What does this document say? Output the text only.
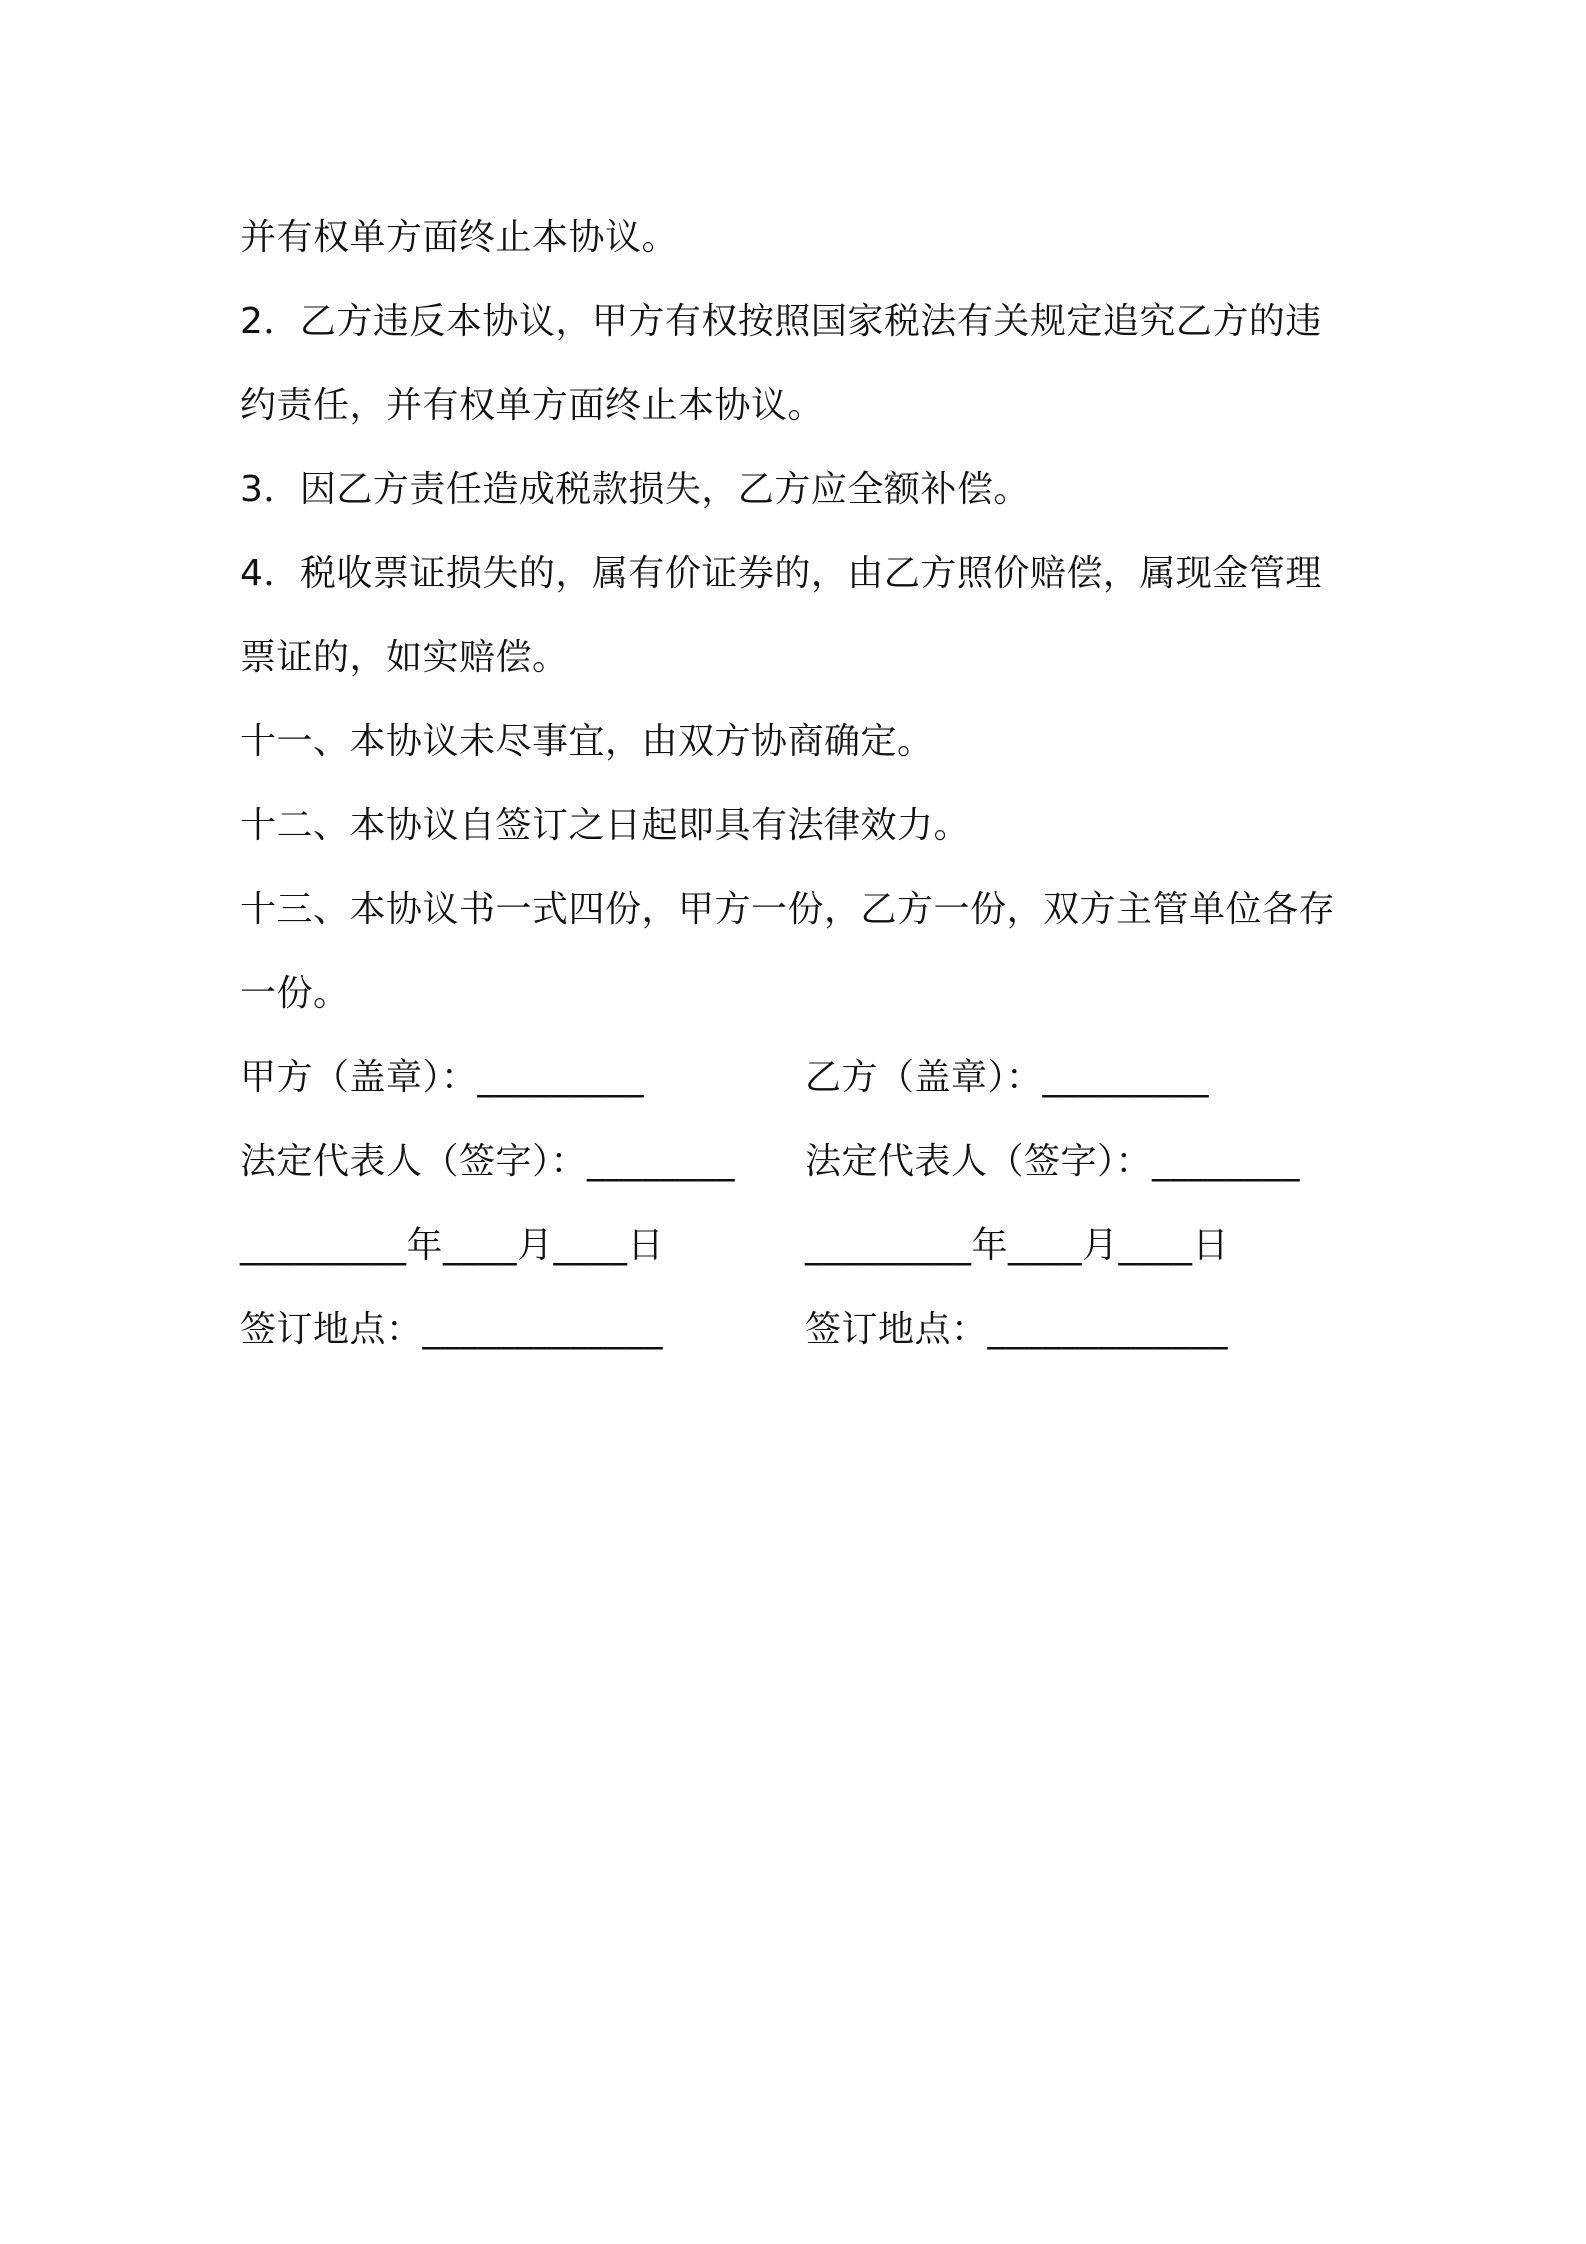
并有权单方面终止本协议。

2．乙方违反本协议，甲方有权按照国家税法有关规定追究乙方的违

约责任，并有权单方面终止本协议。

3．因乙方责任造成税款损失，乙方应全额补偿。

4．税收票证损失的，属有价证券的，由乙方照价赔偿，属现金管理

票证的，如实赔偿。

十一、本协议未尽事宜，由双方协商确定。

十二、本协议自签订之日起即具有法律效力。

十三、本协议书一式四份，甲方一份，乙方一份，双方主管单位各存

一份。

甲方（盖章）：_________	乙方（盖章）：_________
法定代表人（签字）：________	法定代表人（签字）：________
_________年____月____日	_________年____月____日
签订地点：_____________	签订地点：_____________
